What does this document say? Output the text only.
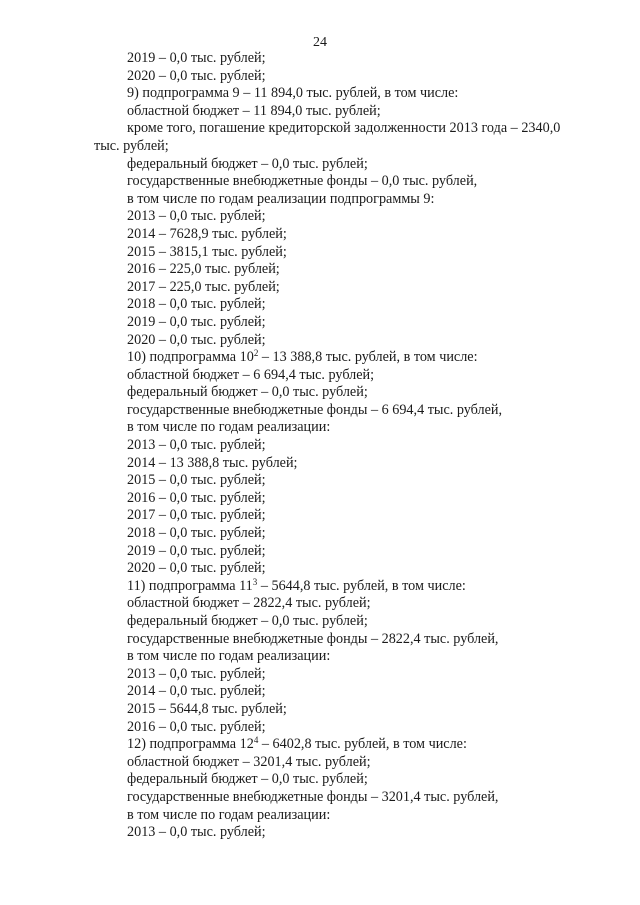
24
2019 – 0,0 тыс. рублей;
2020 – 0,0 тыс. рублей;
9) подпрограмма 9 – 11 894,0 тыс. рублей, в том числе:
областной бюджет – 11 894,0 тыс. рублей;
кроме того, погашение кредиторской задолженности 2013 года – 2340,0
тыс. рублей;
федеральный бюджет – 0,0 тыс. рублей;
государственные внебюджетные фонды – 0,0 тыс. рублей,
в том числе по годам реализации подпрограммы 9:
2013 – 0,0 тыс. рублей;
2014 – 7628,9 тыс. рублей;
2015 – 3815,1 тыс. рублей;
2016 – 225,0 тыс. рублей;
2017 – 225,0 тыс. рублей;
2018 – 0,0 тыс. рублей;
2019 – 0,0 тыс. рублей;
2020 – 0,0 тыс. рублей;
10) подпрограмма $10^2 - 13$ 388,8 тыс. рублей, в том числе:
областной бюджет – 6 694,4 тыс. рублей;
федеральный бюджет – 0,0 тыс. рублей;
государственные внебюджетные фонды – 6 694,4 тыс. рублей,
в том числе по годам реализации:
2013 – 0,0 тыс. рублей;
2014 – 13 388,8 тыс. рублей;
2015 – 0,0 тыс. рублей;
2016 – 0,0 тыс. рублей;
2017 – 0,0 тыс. рублей;
2018 – 0,0 тыс. рублей;
2019 – 0,0 тыс. рублей;
2020 – 0,0 тыс. рублей;
11) подпрограмма $11^3 - 5644,8$ тыс. рублей, в том числе:
областной бюджет – 2822,4 тыс. рублей;
федеральный бюджет – 0,0 тыс. рублей;
государственные внебюджетные фонды – 2822,4 тыс. рублей,
в том числе по годам реализации:
2013 – 0,0 тыс. рублей;
2014 – 0,0 тыс. рублей;
2015 – 5644,8 тыс. рублей;
2016 – 0,0 тыс. рублей;
12) подпрограмма $12^4 - 6402,8$ тыс. рублей, в том числе:
областной бюджет – 3201,4 тыс. рублей;
федеральный бюджет – 0,0 тыс. рублей;
государственные внебюджетные фонды – 3201,4 тыс. рублей,
в том числе по годам реализации:
2013 – 0,0 тыс. рублей;
